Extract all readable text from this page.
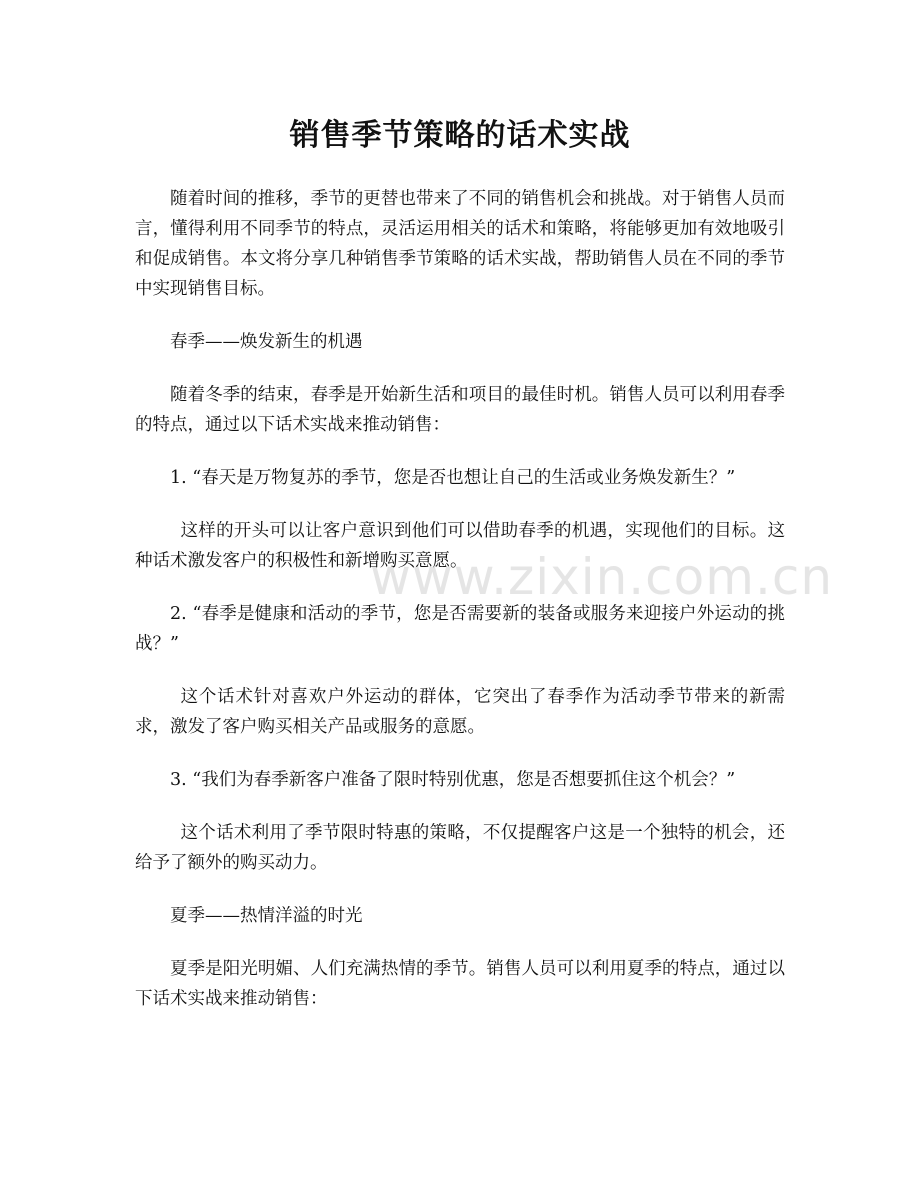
销售季节策略的话术实战

随着时间的推移，季节的更替也带来了不同的销售机会和挑战。对于销售人员而言，懂得利用不同季节的特点，灵活运用相关的话术和策略，将能够更加有效地吸引和促成销售。本文将分享几种销售季节策略的话术实战，帮助销售人员在不同的季节中实现销售目标。

春季——焕发新生的机遇

随着冬季的结束，春季是开始新生活和项目的最佳时机。销售人员可以利用春季的特点，通过以下话术实战来推动销售：

1. “春天是万物复苏的季节，您是否也想让自己的生活或业务焕发新生？”

这样的开头可以让客户意识到他们可以借助春季的机遇，实现他们的目标。这种话术激发客户的积极性和新增购买意愿。

2. “春季是健康和活动的季节，您是否需要新的装备或服务来迎接户外运动的挑战？”

这个话术针对喜欢户外运动的群体，它突出了春季作为活动季节带来的新需求，激发了客户购买相关产品或服务的意愿。

3. “我们为春季新客户准备了限时特别优惠，您是否想要抓住这个机会？”

这个话术利用了季节限时特惠的策略，不仅提醒客户这是一个独特的机会，还给予了额外的购买动力。

夏季——热情洋溢的时光

夏季是阳光明媚、人们充满热情的季节。销售人员可以利用夏季的特点，通过以下话术实战来推动销售：

www.zixin.com.cn
